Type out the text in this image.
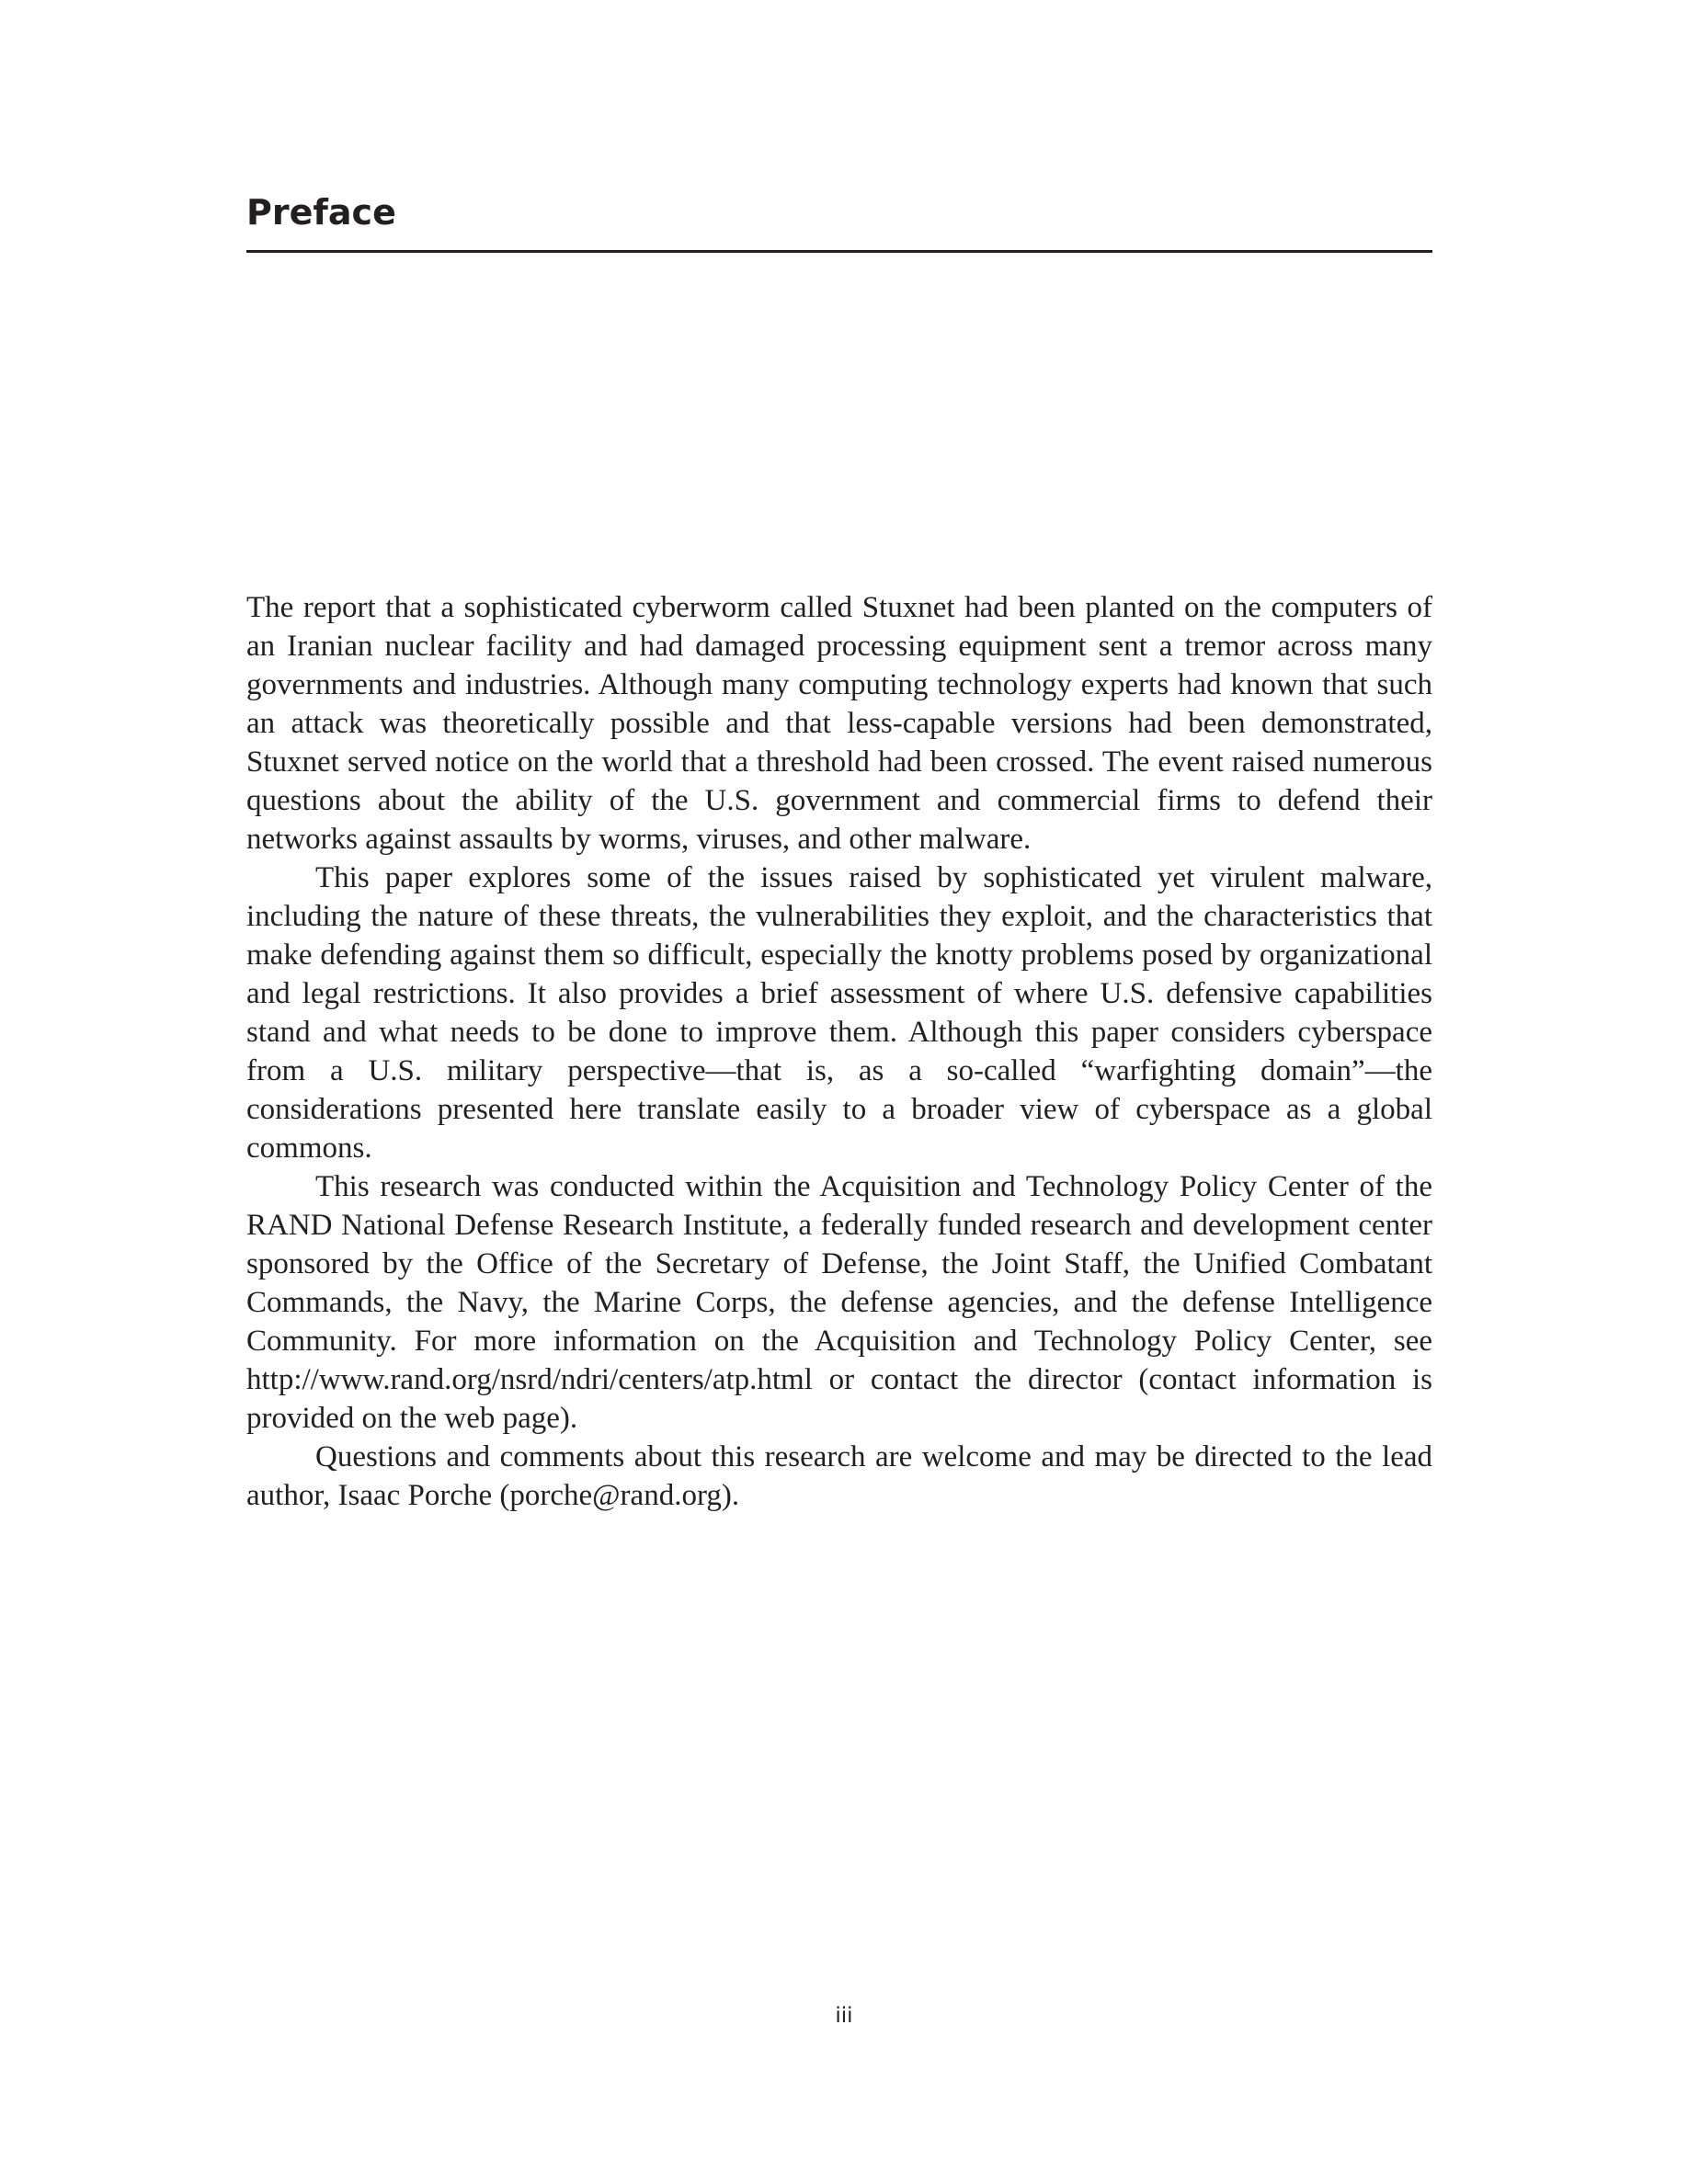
Preface

The report that a sophisticated cyberworm called Stuxnet had been planted on the computers of an Iranian nuclear facility and had damaged processing equipment sent a tremor across many governments and industries. Although many computing technology experts had known that such an attack was theoretically possible and that less-capable versions had been demonstrated, Stuxnet served notice on the world that a threshold had been crossed. The event raised numerous questions about the ability of the U.S. government and commercial firms to defend their networks against assaults by worms, viruses, and other malware.

This paper explores some of the issues raised by sophisticated yet virulent malware, including the nature of these threats, the vulnerabilities they exploit, and the characteristics that make defending against them so difficult, especially the knotty problems posed by organizational and legal restrictions. It also provides a brief assessment of where U.S. defensive capabilities stand and what needs to be done to improve them. Although this paper considers cyberspace from a U.S. military perspective—that is, as a so-called “warfighting domain”—the considerations presented here translate easily to a broader view of cyberspace as a global commons.

This research was conducted within the Acquisition and Technology Policy Center of the RAND National Defense Research Institute, a federally funded research and development center sponsored by the Office of the Secretary of Defense, the Joint Staff, the Unified Combatant Commands, the Navy, the Marine Corps, the defense agencies, and the defense Intelligence Community. For more information on the Acquisition and Technology Policy Center, see http://www.rand.org/nsrd/ndri/centers/atp.html or contact the director (contact information is provided on the web page).

Questions and comments about this research are welcome and may be directed to the lead author, Isaac Porche (porche@rand.org).

iii
